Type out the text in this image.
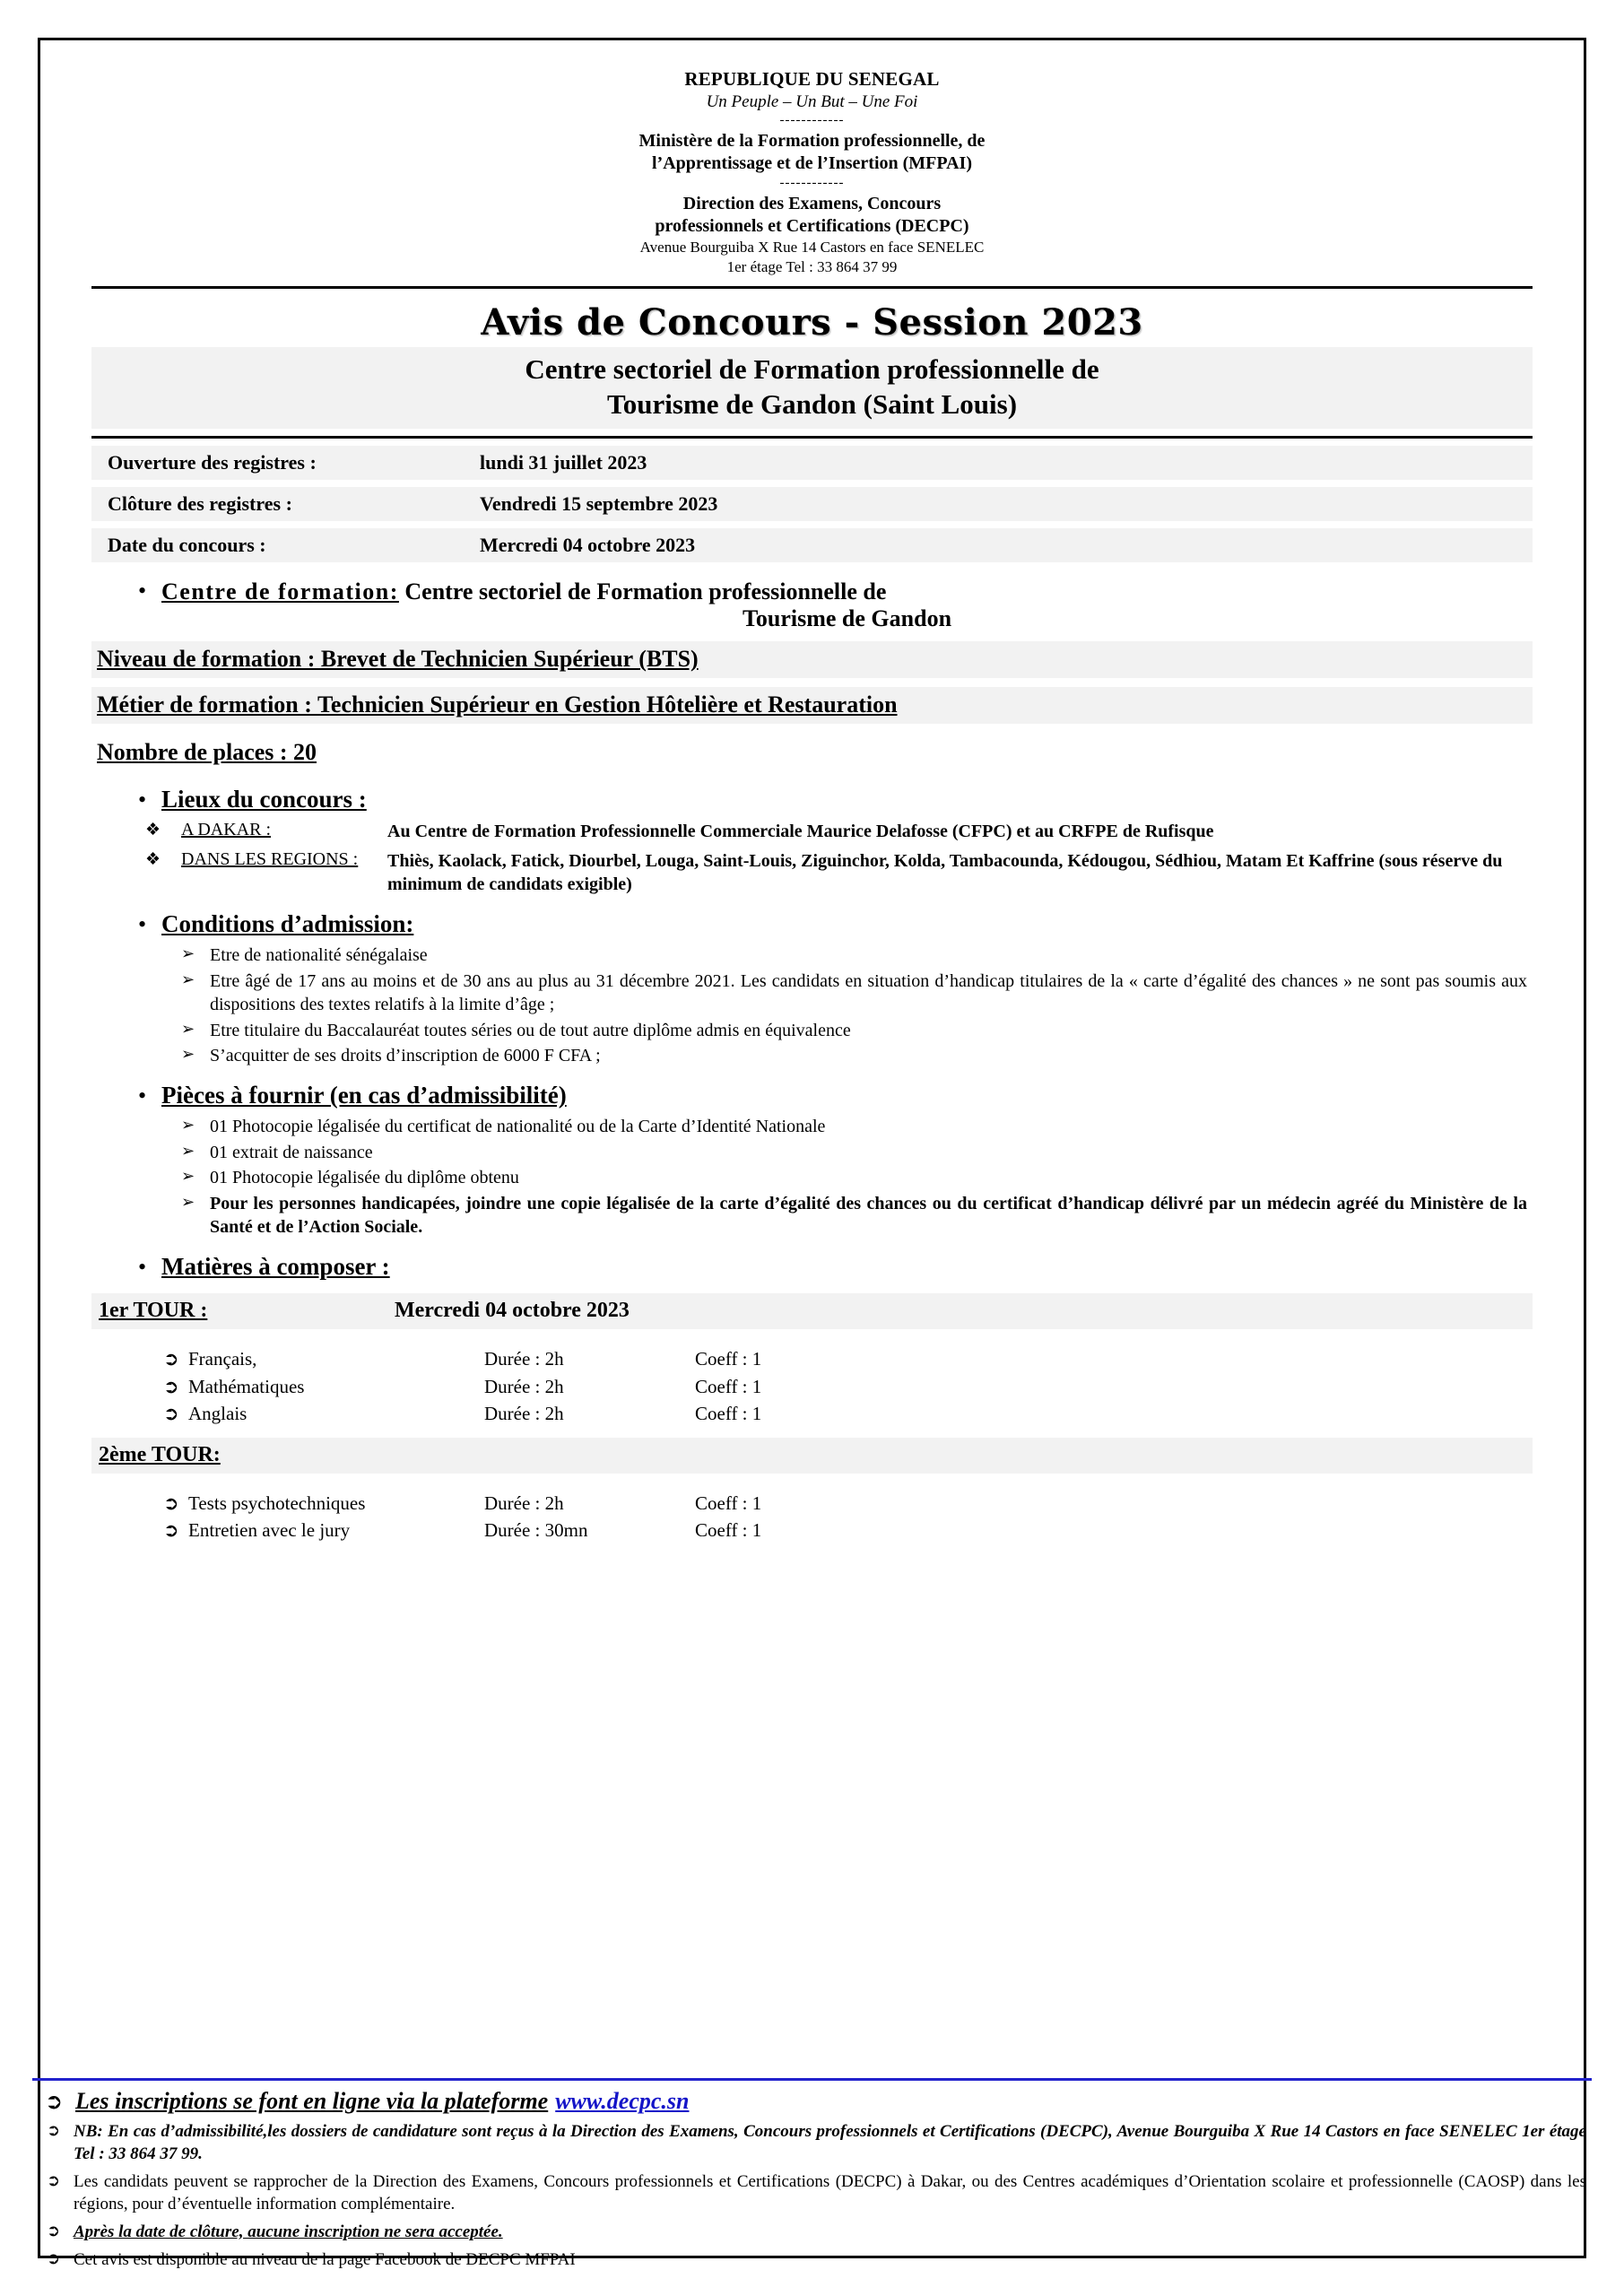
REPUBLIQUE DU SENEGAL
Un Peuple – Un But – Une Foi
------------
Ministère de la Formation professionnelle, de
l’Apprentissage et de l’Insertion (MFPAI)
------------
Direction des Examens, Concours
professionnels et Certifications (DECPC)
Avenue Bourguiba X Rue 14 Castors en face SENELEC
1er étage Tel : 33 864 37 99
Avis de Concours - Session 2023
Centre sectoriel de Formation professionnelle de
Tourisme de Gandon (Saint Louis)
Ouverture des registres :	lundi 31 juillet 2023
Clôture des registres :	Vendredi 15 septembre 2023
Date du concours :	Mercredi 04 octobre 2023
• Centre de formation: Centre sectoriel de Formation professionnelle de
Tourisme de Gandon
Niveau de formation : Brevet de Technicien Supérieur (BTS)
Métier de formation : Technicien Supérieur en Gestion Hôtelière et Restauration
Nombre de places : 20
• Lieux du concours :
❖	A DAKAR :	Au Centre de Formation Professionnelle Commerciale Maurice Delafosse (CFPC) et au CRFPE de Rufisque
❖	DANS LES REGIONS :	Thiès, Kaolack, Fatick, Diourbel, Louga, Saint-Louis, Ziguinchor, Kolda, Tambacounda, Kédougou, Sédhiou, Matam Et Kaffrine (sous réserve du minimum de candidats exigible)
• Conditions d’admission:
➢ Etre de nationalité sénégalaise
➢ Etre âgé de 17 ans au moins et de 30 ans au plus au 31 décembre 2021. Les candidats en situation d’handicap titulaires de la « carte d’égalité des chances » ne sont pas soumis aux dispositions des textes relatifs à la limite d’âge ;
➢ Etre titulaire du Baccalauréat toutes séries ou de tout autre diplôme admis en équivalence
➢ S’acquitter de ses droits d’inscription de 6000 F CFA ;
• Pièces à fournir (en cas d’admissibilité)
➢ 01 Photocopie légalisée du certificat de nationalité ou de la Carte d’Identité Nationale
➢ 01 extrait de naissance
➢ 01 Photocopie légalisée du diplôme obtenu
➢ Pour les personnes handicapées, joindre une copie légalisée de la carte d’égalité des chances ou du certificat d’handicap délivré par un médecin agréé du Ministère de la Santé et de l’Action Sociale.
• Matières à composer :
1er TOUR :	Mercredi 04 octobre 2023
➲ Français,	Durée : 2h	Coeff : 1
➲ Mathématiques	Durée : 2h	Coeff : 1
➲ Anglais	Durée : 2h	Coeff : 1
2ème TOUR:
➲ Tests psychotechniques	Durée : 2h	Coeff : 1
➲ Entretien avec le jury	Durée : 30mn	Coeff : 1
➲ Les inscriptions se font en ligne via la plateforme www.decpc.sn
➲ NB: En cas d’admissibilité,les dossiers de candidature sont reçus à la Direction des Examens, Concours professionnels et Certifications (DECPC), Avenue Bourguiba X Rue 14 Castors en face SENELEC 1er étage Tel : 33 864 37 99.
➲ Les candidats peuvent se rapprocher de la Direction des Examens, Concours professionnels et Certifications (DECPC) à Dakar, ou des Centres académiques d’Orientation scolaire et professionnelle (CAOSP) dans les régions, pour d’éventuelle information complémentaire.
➲ Après la date de clôture, aucune inscription ne sera acceptée.
➲ Cet avis est disponible au niveau de la page Facebook de DECPC MFPAI
